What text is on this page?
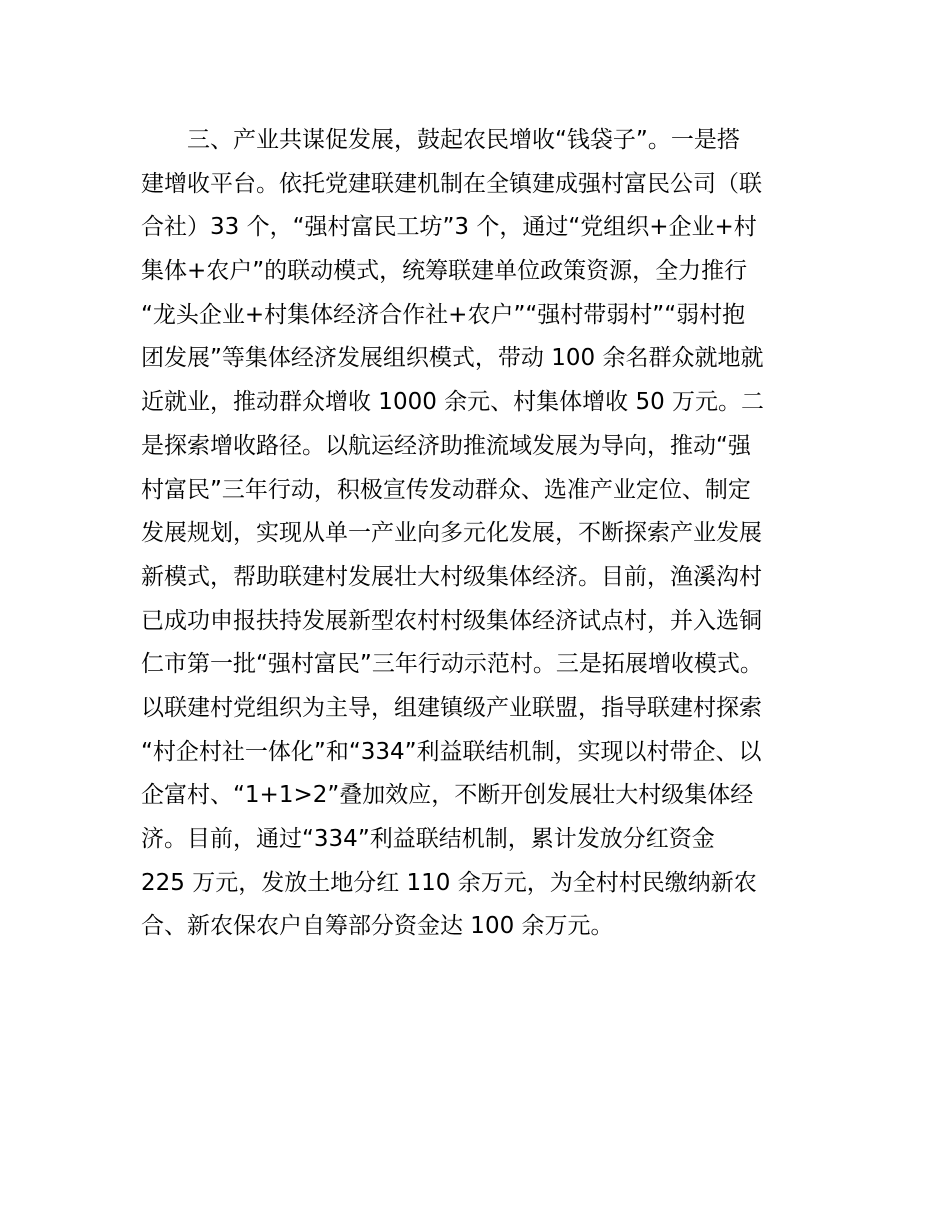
三、产业共谋促发展，鼓起农民增收“钱袋子”。一是搭
建增收平台。依托党建联建机制在全镇建成强村富民公司（联
合社）33 个，“强村富民工坊”3 个，通过“党组织+企业+村
集体+农户”的联动模式，统筹联建单位政策资源，全力推行
“龙头企业+村集体经济合作社+农户”“强村带弱村”“弱村抱
团发展”等集体经济发展组织模式，带动 100 余名群众就地就
近就业，推动群众增收 1000 余元、村集体增收 50 万元。二
是探索增收路径。以航运经济助推流域发展为导向，推动“强
村富民”三年行动，积极宣传发动群众、选准产业定位、制定
发展规划，实现从单一产业向多元化发展，不断探索产业发展
新模式，帮助联建村发展壮大村级集体经济。目前，渔溪沟村
已成功申报扶持发展新型农村村级集体经济试点村，并入选铜
仁市第一批“强村富民”三年行动示范村。三是拓展增收模式。
以联建村党组织为主导，组建镇级产业联盟，指导联建村探索
“村企村社一体化”和“334”利益联结机制，实现以村带企、以
企富村、“1+1>2”叠加效应，不断开创发展壮大村级集体经
济。目前，通过“334”利益联结机制，累计发放分红资金
225 万元，发放土地分红 110 余万元，为全村村民缴纳新农
合、新农保农户自筹部分资金达 100 余万元。
